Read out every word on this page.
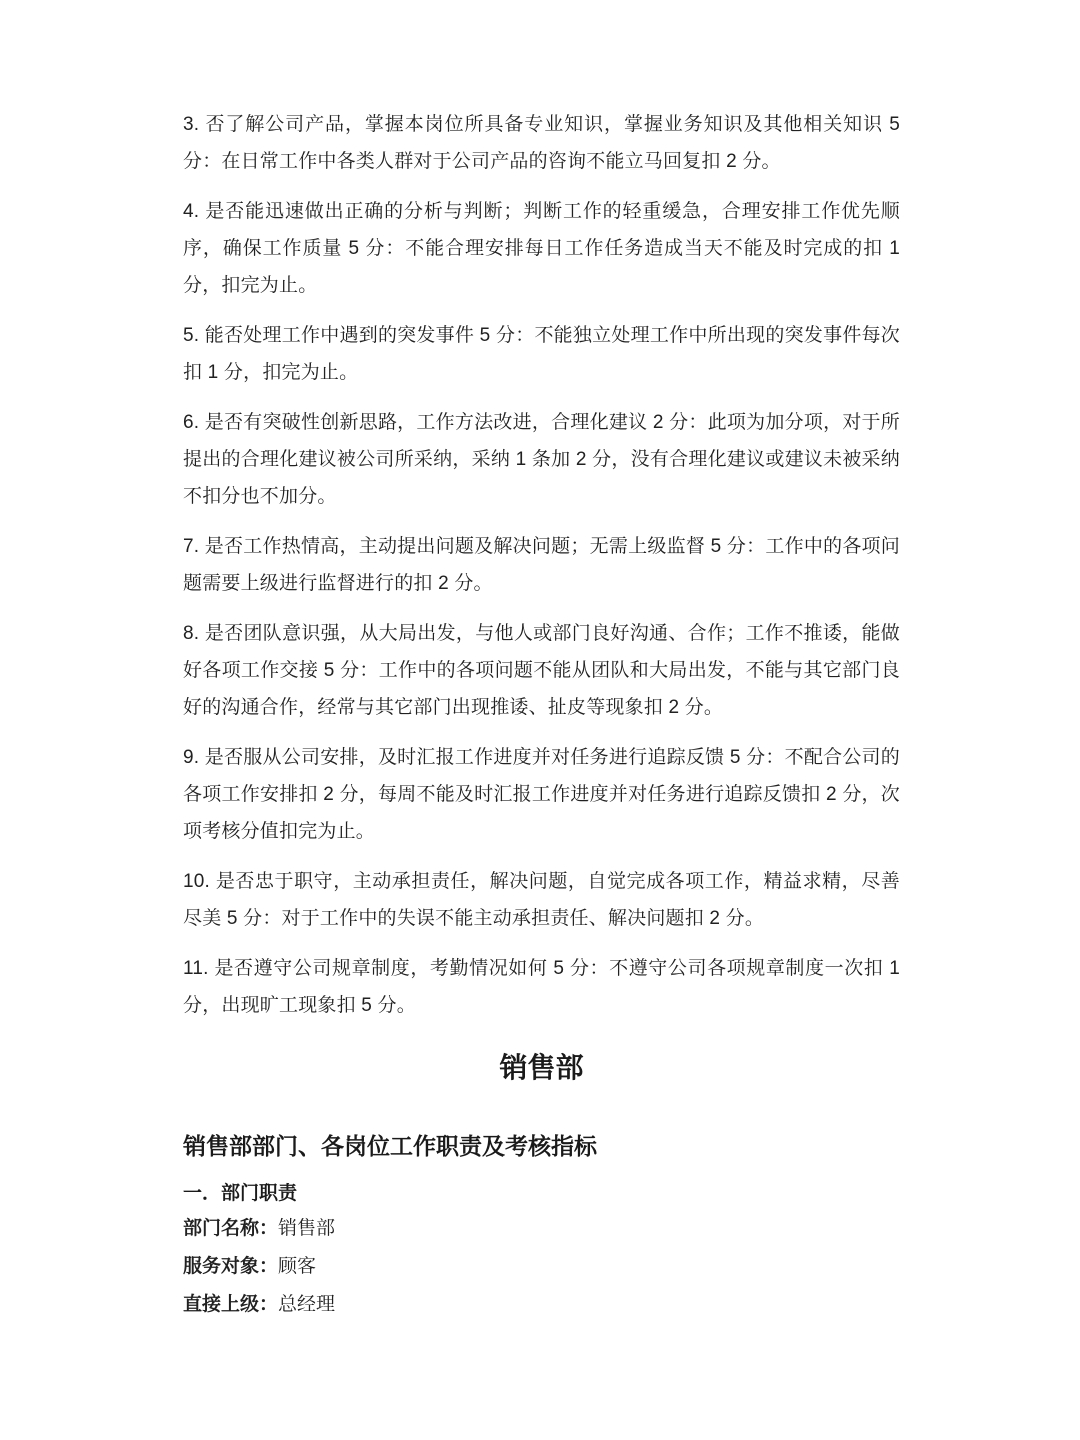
3. 否了解公司产品，掌握本岗位所具备专业知识，掌握业务知识及其他相关知识 5 分：在日常工作中各类人群对于公司产品的咨询不能立马回复扣 2 分。

4. 是否能迅速做出正确的分析与判断；判断工作的轻重缓急，合理安排工作优先顺序，确保工作质量 5 分：不能合理安排每日工作任务造成当天不能及时完成的扣 1 分，扣完为止。

5. 能否处理工作中遇到的突发事件 5 分：不能独立处理工作中所出现的突发事件每次扣 1 分，扣完为止。

6. 是否有突破性创新思路，工作方法改进，合理化建议 2 分：此项为加分项，对于所提出的合理化建议被公司所采纳，采纳 1 条加 2 分，没有合理化建议或建议未被采纳不扣分也不加分。

7. 是否工作热情高，主动提出问题及解决问题；无需上级监督 5 分：工作中的各项问题需要上级进行监督进行的扣 2 分。

8. 是否团队意识强，从大局出发，与他人或部门良好沟通、合作；工作不推诿，能做好各项工作交接 5 分：工作中的各项问题不能从团队和大局出发，不能与其它部门良好的沟通合作，经常与其它部门出现推诿、扯皮等现象扣 2 分。

9. 是否服从公司安排，及时汇报工作进度并对任务进行追踪反馈 5 分：不配合公司的各项工作安排扣 2 分，每周不能及时汇报工作进度并对任务进行追踪反馈扣 2 分，次项考核分值扣完为止。

10. 是否忠于职守，主动承担责任，解决问题，自觉完成各项工作，精益求精，尽善尽美 5 分：对于工作中的失误不能主动承担责任、解决问题扣 2 分。

11. 是否遵守公司规章制度，考勤情况如何 5 分：不遵守公司各项规章制度一次扣 1 分，出现旷工现象扣 5 分。

销售部
销售部部门、各岗位工作职责及考核指标
一．部门职责
部门名称：销售部
服务对象：顾客
直接上级：总经理
